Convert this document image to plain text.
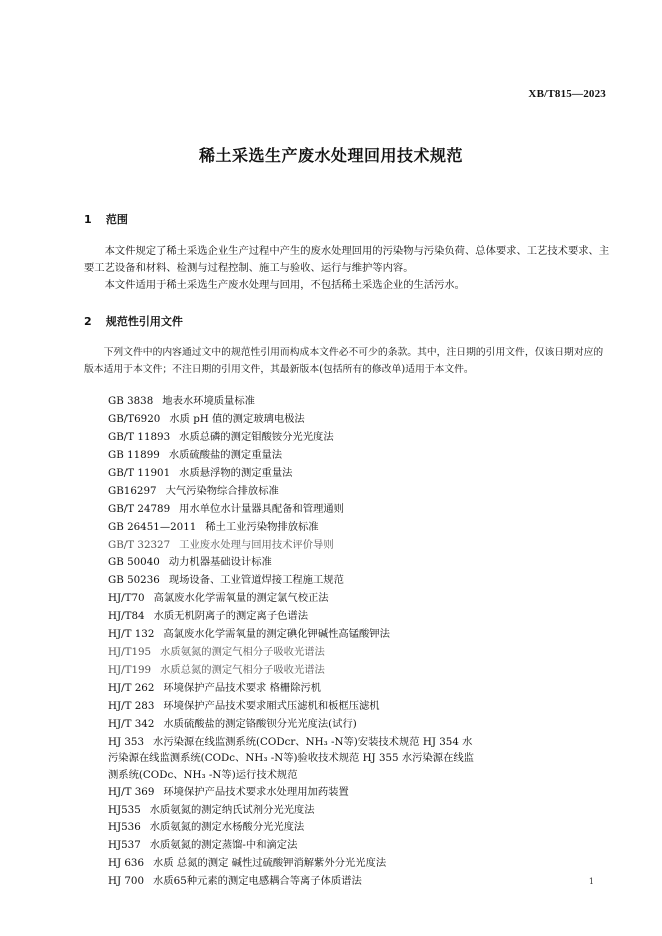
XB/T815—2023
稀土采选生产废水处理回用技术规范
1 范围
本文件规定了稀土采选企业生产过程中产生的废水处理回用的污染物与污染负荷、总体要求、工艺技术要求、主要工艺设备和材料、检测与过程控制、施工与验收、运行与维护等内容。
本文件适用于稀土采选生产废水处理与回用，不包括稀土采选企业的生活污水。
2 规范性引用文件
下列文件中的内容通过文中的规范性引用而构成本文件必不可少的条款。其中，注日期的引用文件，仅该日期对应的版本适用于本文件；不注日期的引用文件，其最新版本(包括所有的修改单)适用于本文件。
GB 3838 地表水环境质量标准
GB/T6920 水质 pH 值的测定玻璃电极法
GB/T 11893 水质总磷的测定钼酸铵分光光度法
GB 11899 水质硫酸盐的测定重量法
GB/T 11901 水质悬浮物的测定重量法
GB16297 大气污染物综合排放标准
GB/T 24789 用水单位水计量器具配备和管理通则
GB 26451—2011 稀土工业污染物排放标准
GB/T 32327 工业废水处理与回用技术评价导则
GB 50040 动力机器基础设计标准
GB 50236 现场设备、工业管道焊接工程施工规范
HJ/T70 高氯废水化学需氧量的测定氯气校正法
HJ/T84 水质无机阴离子的测定离子色谱法
HJ/T 132 高氯废水化学需氧量的测定碘化钾碱性高锰酸钾法
HJ/T195 水质氨氮的测定气相分子吸收光谱法
HJ/T199 水质总氮的测定气相分子吸收光谱法
HJ/T 262 环境保护产品技术要求 格栅除污机
HJ/T 283 环境保护产品技术要求厢式压滤机和板框压滤机
HJ/T 342 水质硫酸盐的测定铬酸钡分光光度法(试行)
HJ 353 水污染源在线监测系统(CODcr、NH₃ -N等)安装技术规范 HJ 354 水污染源在线监测系统(CODc、NH₃ -N等)验收技术规范 HJ 355 水污染源在线监测系统(CODc、NH₃ -N等)运行技术规范
HJ/T 369 环境保护产品技术要求水处理用加药装置
HJ535 水质氨氮的测定纳氏试剂分光光度法
HJ536 水质氨氮的测定水杨酸分光光度法
HJ537 水质氨氮的测定蒸馏-中和滴定法
HJ 636 水质 总氮的测定 碱性过硫酸钾消解紫外分光光度法
HJ 700 水质65种元素的测定电感耦合等离子体质谱法	1
